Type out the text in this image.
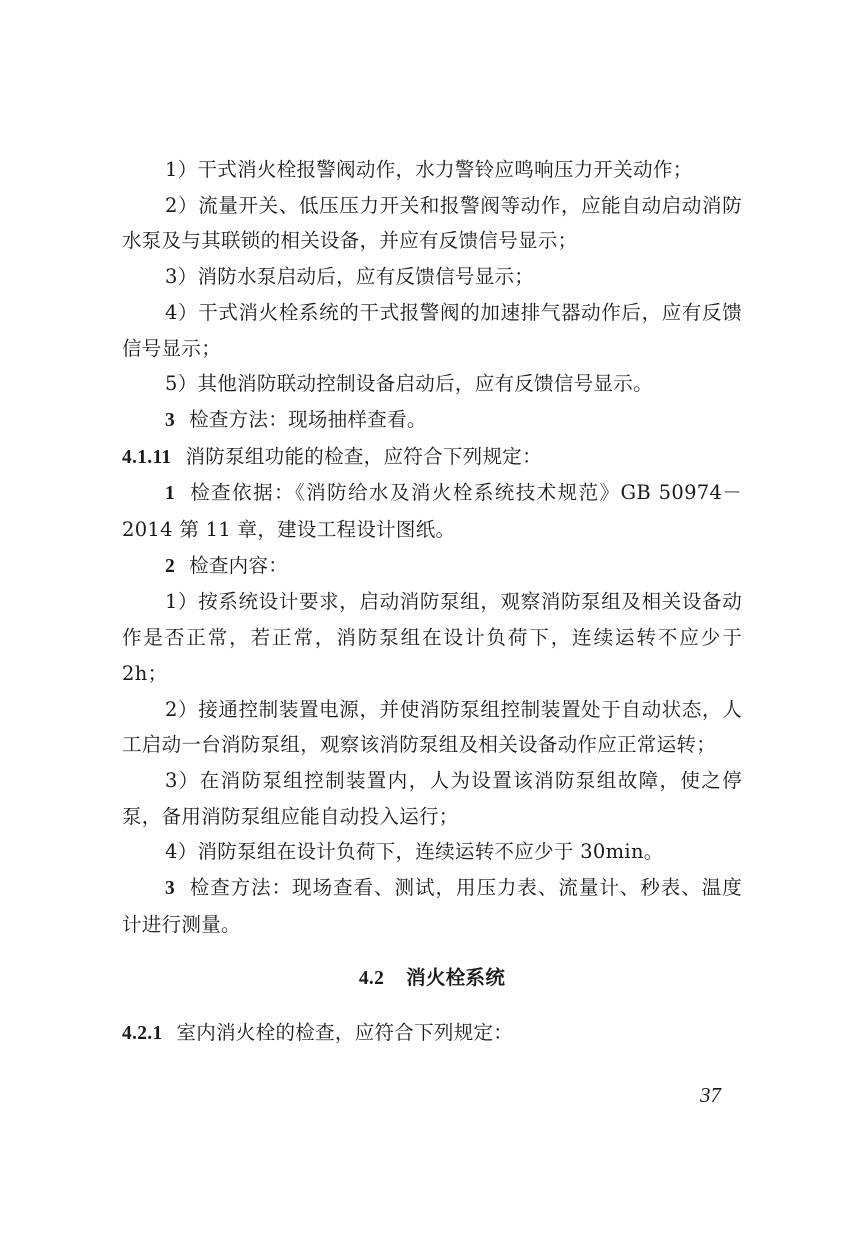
1）干式消火栓报警阀动作，水力警铃应鸣响压力开关动作；

2）流量开关、低压压力开关和报警阀等动作，应能自动启动消防水泵及与其联锁的相关设备，并应有反馈信号显示；

3）消防水泵启动后，应有反馈信号显示；

4）干式消火栓系统的干式报警阀的加速排气器动作后，应有反馈信号显示；

5）其他消防联动控制设备启动后，应有反馈信号显示。

3 检查方法：现场抽样查看。

4.1.11 消防泵组功能的检查，应符合下列规定：

1 检查依据：《消防给水及消火栓系统技术规范》GB 50974－2014 第 11 章，建设工程设计图纸。

2 检查内容：

1）按系统设计要求，启动消防泵组，观察消防泵组及相关设备动作是否正常，若正常，消防泵组在设计负荷下，连续运转不应少于 2h；

2）接通控制装置电源，并使消防泵组控制装置处于自动状态，人工启动一台消防泵组，观察该消防泵组及相关设备动作应正常运转；

3）在消防泵组控制装置内，人为设置该消防泵组故障，使之停泵，备用消防泵组应能自动投入运行；

4）消防泵组在设计负荷下，连续运转不应少于 30min。

3 检查方法：现场查看、测试，用压力表、流量计、秒表、温度计进行测量。

4.2 消火栓系统

4.2.1 室内消火栓的检查，应符合下列规定：

37
